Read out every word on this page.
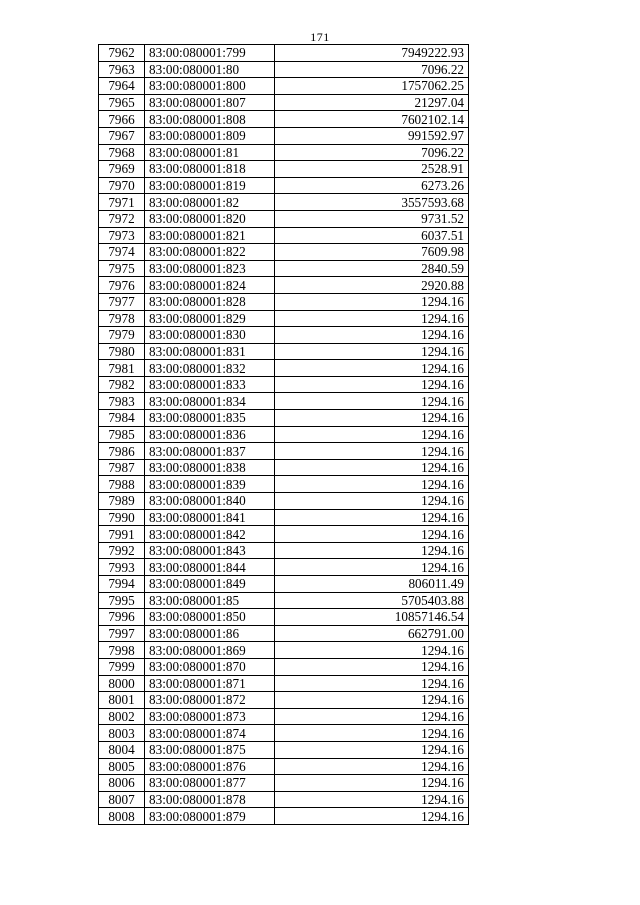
171
7962	83:00:080001:799	7949222.93
7963	83:00:080001:80	7096.22
7964	83:00:080001:800	1757062.25
7965	83:00:080001:807	21297.04
7966	83:00:080001:808	7602102.14
7967	83:00:080001:809	991592.97
7968	83:00:080001:81	7096.22
7969	83:00:080001:818	2528.91
7970	83:00:080001:819	6273.26
7971	83:00:080001:82	3557593.68
7972	83:00:080001:820	9731.52
7973	83:00:080001:821	6037.51
7974	83:00:080001:822	7609.98
7975	83:00:080001:823	2840.59
7976	83:00:080001:824	2920.88
7977	83:00:080001:828	1294.16
7978	83:00:080001:829	1294.16
7979	83:00:080001:830	1294.16
7980	83:00:080001:831	1294.16
7981	83:00:080001:832	1294.16
7982	83:00:080001:833	1294.16
7983	83:00:080001:834	1294.16
7984	83:00:080001:835	1294.16
7985	83:00:080001:836	1294.16
7986	83:00:080001:837	1294.16
7987	83:00:080001:838	1294.16
7988	83:00:080001:839	1294.16
7989	83:00:080001:840	1294.16
7990	83:00:080001:841	1294.16
7991	83:00:080001:842	1294.16
7992	83:00:080001:843	1294.16
7993	83:00:080001:844	1294.16
7994	83:00:080001:849	806011.49
7995	83:00:080001:85	5705403.88
7996	83:00:080001:850	10857146.54
7997	83:00:080001:86	662791.00
7998	83:00:080001:869	1294.16
7999	83:00:080001:870	1294.16
8000	83:00:080001:871	1294.16
8001	83:00:080001:872	1294.16
8002	83:00:080001:873	1294.16
8003	83:00:080001:874	1294.16
8004	83:00:080001:875	1294.16
8005	83:00:080001:876	1294.16
8006	83:00:080001:877	1294.16
8007	83:00:080001:878	1294.16
8008	83:00:080001:879	1294.16
